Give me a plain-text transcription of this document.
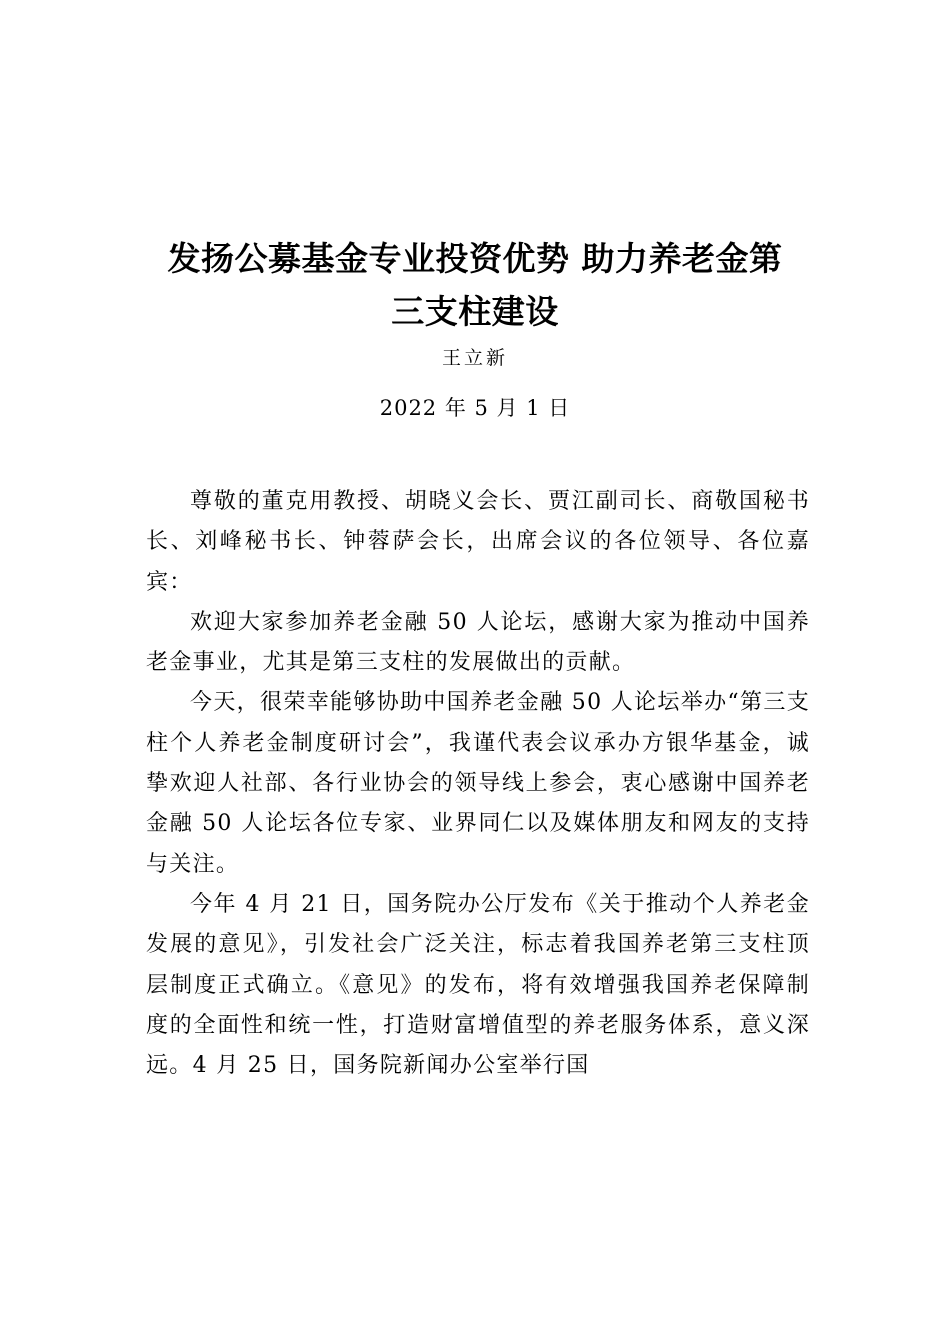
发扬公募基金专业投资优势 助力养老金第
三支柱建设
王立新
2022 年 5 月 1 日

尊敬的董克用教授、胡晓义会长、贾江副司长、商敬国秘书长、刘峰秘书长、钟蓉萨会长，出席会议的各位领导、各位嘉宾：

欢迎大家参加养老金融 50 人论坛，感谢大家为推动中国养老金事业，尤其是第三支柱的发展做出的贡献。

今天，很荣幸能够协助中国养老金融 50 人论坛举办“第三支柱个人养老金制度研讨会”，我谨代表会议承办方银华基金，诚挚欢迎人社部、各行业协会的领导线上参会，衷心感谢中国养老金融 50 人论坛各位专家、业界同仁以及媒体朋友和网友的支持与关注。

今年 4 月 21 日，国务院办公厅发布《关于推动个人养老金发展的意见》，引发社会广泛关注，标志着我国养老第三支柱顶层制度正式确立。《意见》的发布，将有效增强我国养老保障制度的全面性和统一性，打造财富增值型的养老服务体系，意义深远。4 月 25 日，国务院新闻办公室举行国
